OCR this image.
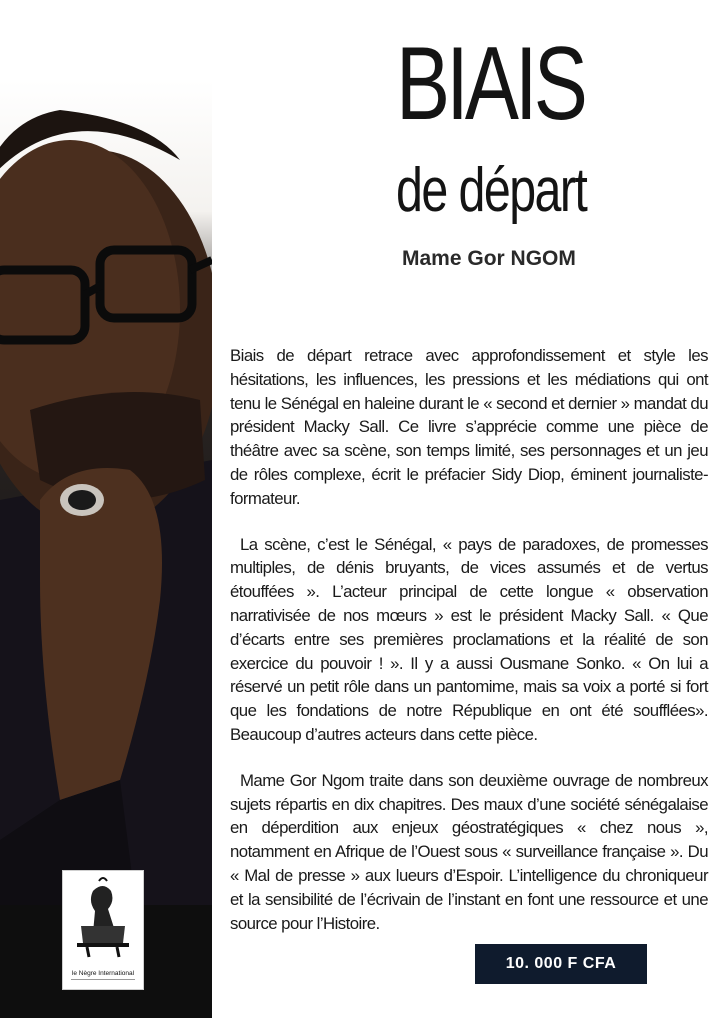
le Nègre International
BIAIS
de départ
Mame Gor NGOM

Biais de départ retrace avec approfondissement et style les hésitations, les influences, les pressions et les médiations qui ont tenu le Sénégal en haleine durant le « second et dernier » mandat du président Macky Sall. Ce livre s’apprécie comme une pièce de théâtre avec sa scène, son temps limité, ses personnages et un jeu de rôles complexe, écrit le préfacier Sidy Diop, éminent journaliste-formateur.

La scène, c’est le Sénégal, « pays de paradoxes, de promesses multiples, de dénis bruyants, de vices assumés et de vertus étouffées ». L’acteur principal de cette longue « observation narrativisée de nos mœurs » est le président Macky Sall. « Que d’écarts entre ses premières proclamations et la réalité de son exercice du pouvoir ! ». Il y a aussi Ousmane Sonko. « On lui a réservé un petit rôle dans un pantomime, mais sa voix a porté si fort que les fondations de notre République en ont été soufflées». Beaucoup d’autres acteurs dans cette pièce.

Mame Gor Ngom traite dans son deuxième ouvrage de nombreux sujets répartis en dix chapitres. Des maux d’une société sénégalaise en déperdition aux enjeux géostratégiques « chez nous », notamment en Afrique de l’Ouest sous « surveillance française ». Du « Mal de presse » aux lueurs d’Espoir. L’intelligence du chroniqueur et la sensibilité de l’écrivain de l’instant en font une ressource et une source pour l’Histoire.

10. 000 F CFA
